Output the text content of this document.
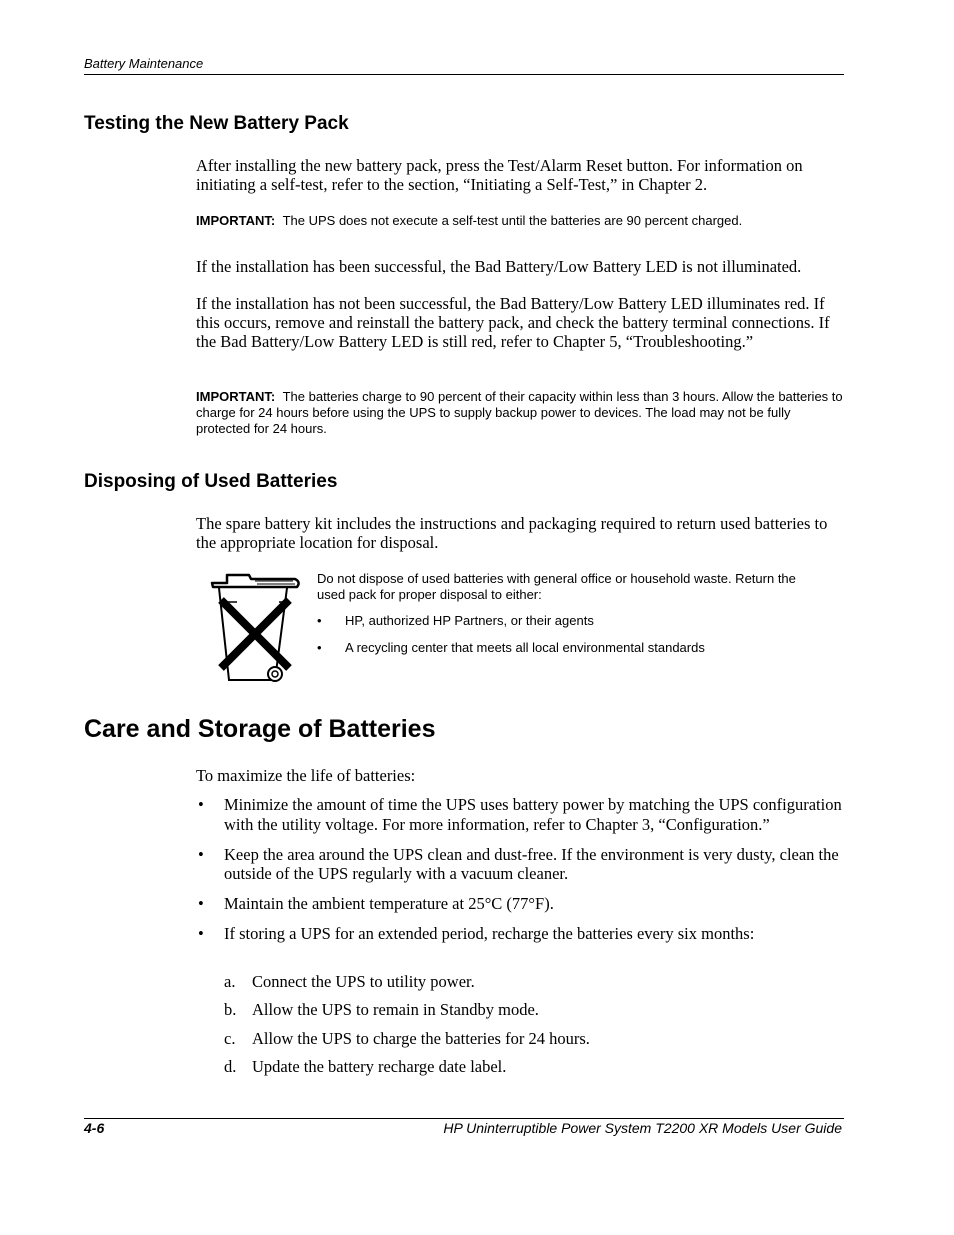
Battery Maintenance
Testing the New Battery Pack

After installing the new battery pack, press the Test/Alarm Reset button. For information on initiating a self-test, refer to the section, “Initiating a Self-Test,” in Chapter 2.

IMPORTANT: The UPS does not execute a self-test until the batteries are 90 percent charged.

If the installation has been successful, the Bad Battery/Low Battery LED is not illuminated.

If the installation has not been successful, the Bad Battery/Low Battery LED illuminates red. If this occurs, remove and reinstall the battery pack, and check the battery terminal connections. If the Bad Battery/Low Battery LED is still red, refer to Chapter 5, “Troubleshooting.”

IMPORTANT: The batteries charge to 90 percent of their capacity within less than 3 hours. Allow the batteries to charge for 24 hours before using the UPS to supply backup power to devices. The load may not be fully protected for 24 hours.

Disposing of Used Batteries

The spare battery kit includes the instructions and packaging required to return used batteries to the appropriate location for disposal.

Do not dispose of used batteries with general office or household waste. Return the used pack for proper disposal to either:

• HP, authorized HP Partners, or their agents
• A recycling center that meets all local environmental standards
Care and Storage of Batteries

To maximize the life of batteries:

• Minimize the amount of time the UPS uses battery power by matching the UPS configuration with the utility voltage. For more information, refer to Chapter 3, “Configuration.”
• Keep the area around the UPS clean and dust-free. If the environment is very dusty, clean the outside of the UPS regularly with a vacuum cleaner.
• Maintain the ambient temperature at 25°C (77°F).
• If storing a UPS for an extended period, recharge the batteries every six months:
a. Connect the UPS to utility power.
b. Allow the UPS to remain in Standby mode.
c. Allow the UPS to charge the batteries for 24 hours.
d. Update the battery recharge date label.
4-6	HP Uninterruptible Power System T2200 XR Models User Guide
